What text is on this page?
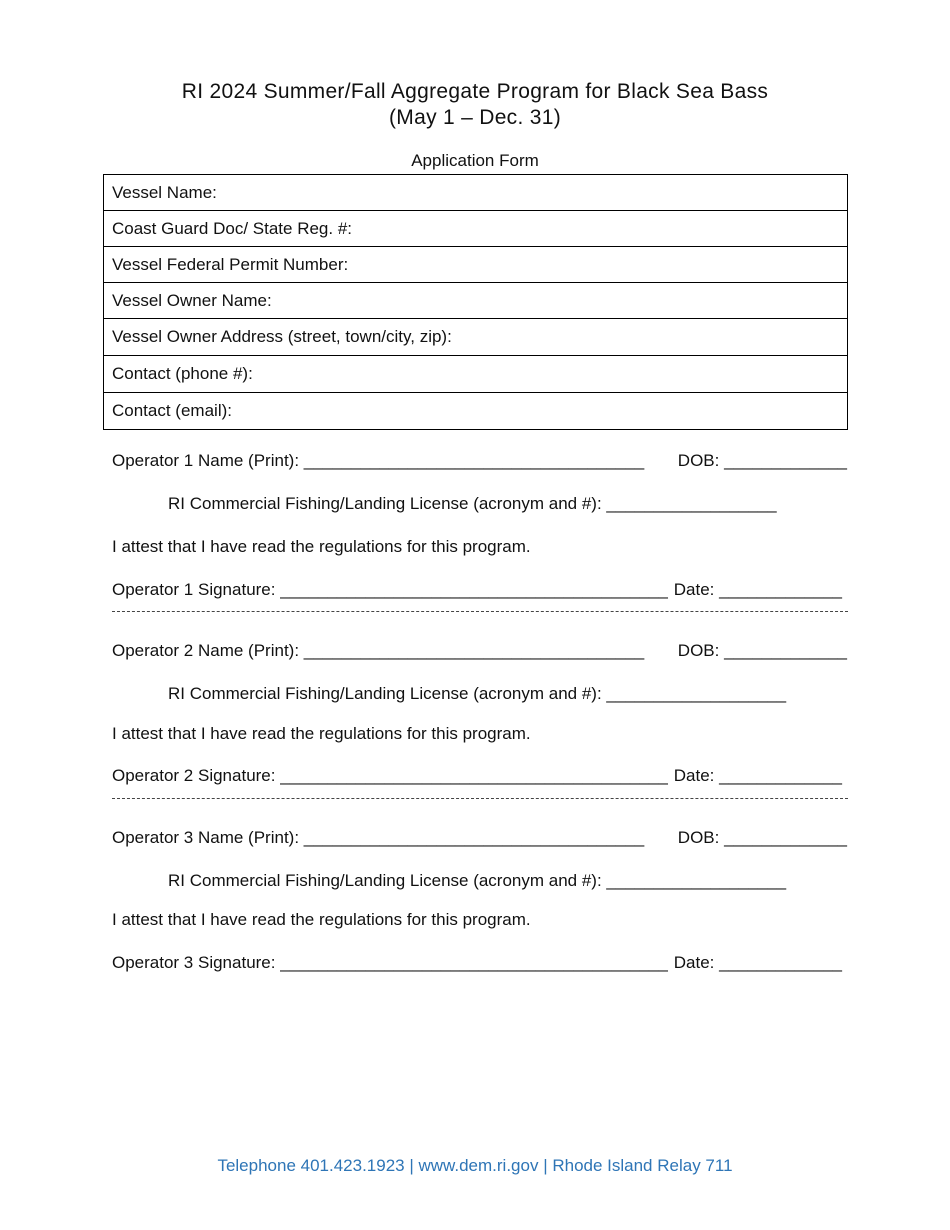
RI 2024 Summer/Fall Aggregate Program for Black Sea Bass
(May 1 – Dec. 31)
Application Form
Vessel Name:
Coast Guard Doc/ State Reg. #:
Vessel Federal Permit Number:
Vessel Owner Name:
Vessel Owner Address (street, town/city, zip):
Contact (phone #):
Contact (email):
Operator 1 Name (Print): ____________________________________ DOB: _____________
RI Commercial Fishing/Landing License (acronym and #): __________________
I attest that I have read the regulations for this program.
Operator 1 Signature: _________________________________________ Date: _____________
Operator 2 Name (Print): ____________________________________ DOB: _____________
RI Commercial Fishing/Landing License (acronym and #): ___________________
I attest that I have read the regulations for this program.
Operator 2 Signature: _________________________________________ Date: _____________
Operator 3 Name (Print): ____________________________________ DOB: _____________
RI Commercial Fishing/Landing License (acronym and #): ___________________
I attest that I have read the regulations for this program.
Operator 3 Signature: _________________________________________ Date: _____________
Telephone 401.423.1923 | www.dem.ri.gov | Rhode Island Relay 711
